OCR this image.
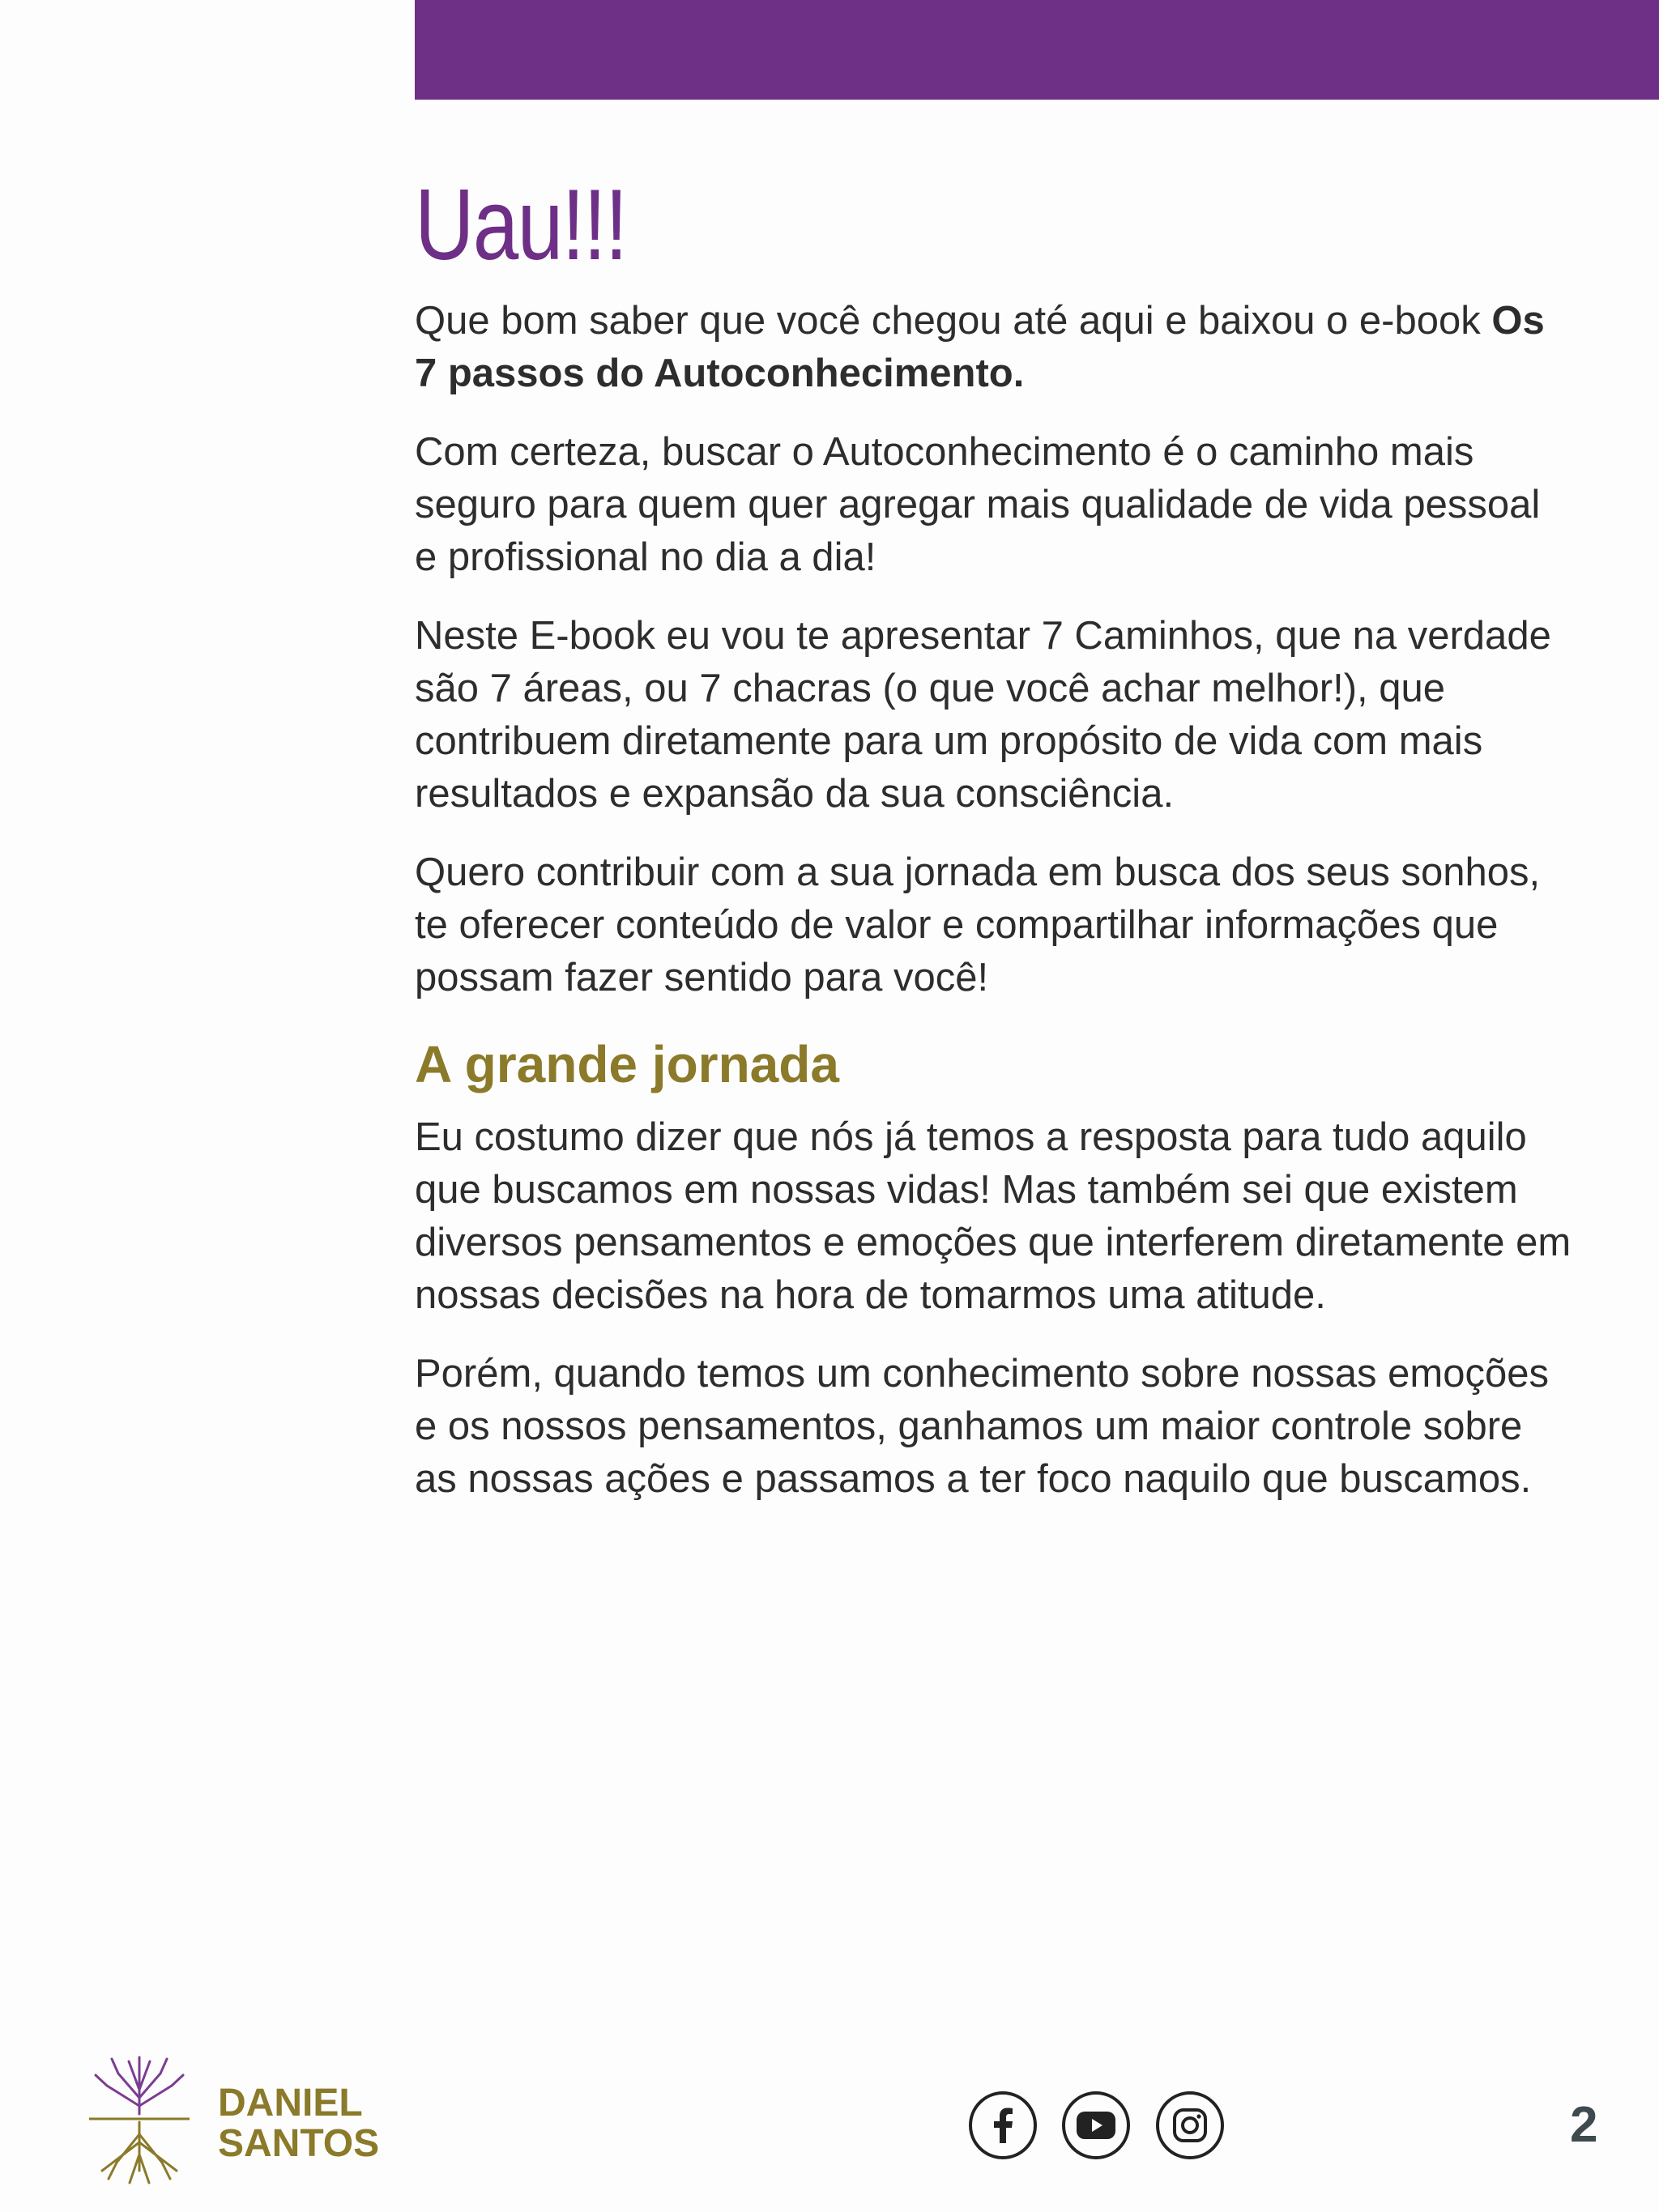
Uau!!!

Que bom saber que você chegou até aqui e baixou o e-book Os 7 passos do Autoconhecimento.

Com certeza, buscar o Autoconhecimento é o caminho mais seguro para quem quer agregar mais qualidade de vida pessoal e profissional no dia a dia!

Neste E-book eu vou te apresentar 7 Caminhos, que na verdade são 7 áreas, ou 7 chacras (o que você achar melhor!), que contribuem diretamente para um propósito de vida com mais resultados e expansão da sua consciência.

Quero contribuir com a sua jornada em busca dos seus sonhos, te oferecer conteúdo de valor e compartilhar informações que possam fazer sentido para você!

A grande jornada

Eu costumo dizer que nós já temos a resposta para tudo aquilo que buscamos em nossas vidas! Mas também sei que existem diversos pensamentos e emoções que interferem diretamente em nossas decisões na hora de tomarmos uma atitude.

Porém, quando temos um conhecimento sobre nossas emoções e os nossos pensamentos, ganhamos um maior controle sobre as nossas ações e passamos a ter foco naquilo que buscamos.

DANIEL
SANTOS	2
